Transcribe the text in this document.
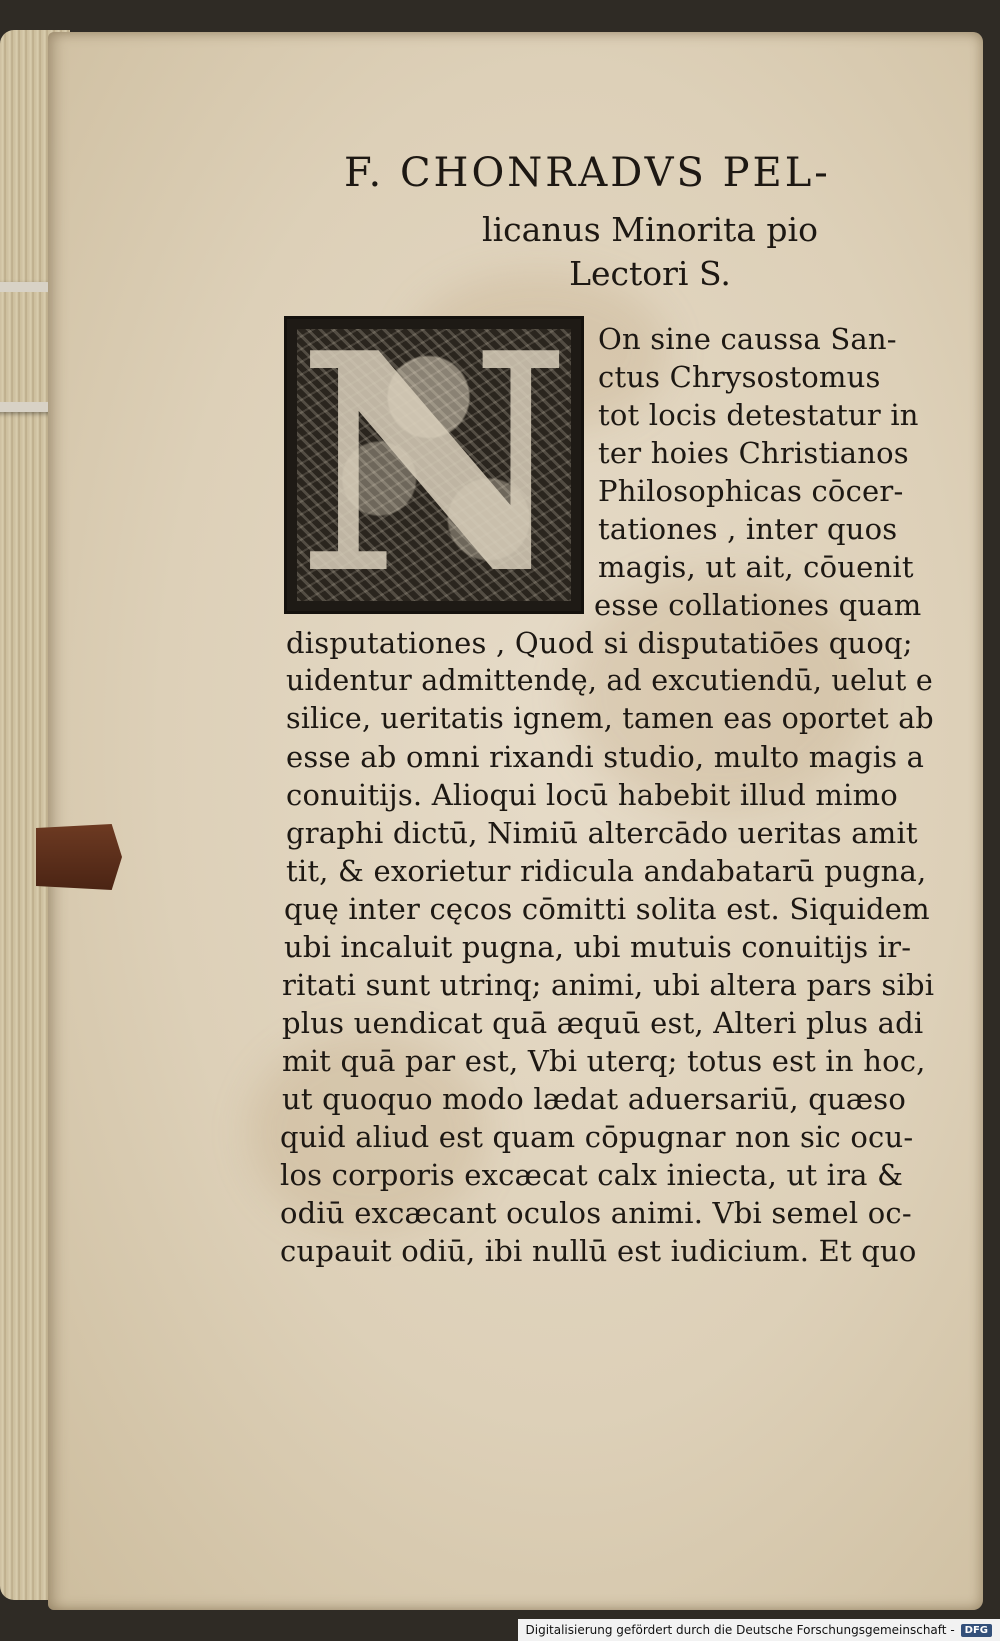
F. CHONRADVS PEL-
licanus Minorita pio
Lectori S.
N On sine caussa San-
ctus Chrysostomus
tot locis detestatur in
ter hoies Christianos
Philosophicas cōcer-
tationes , inter quos
magis, ut ait, cōuenit
esse collationes quam
disputationes , Quod si disputatiōes quoq;
uidentur admittendę, ad excutiendū, uelut e
silice, ueritatis ignem, tamen eas oportet ab
esse ab omni rixandi studio, multo magis a
conuitijs. Alioqui locū habebit illud mimo
graphi dictū, Nimiū altercādo ueritas amit
tit, & exorietur ridicula andabatarū pugna,
quę inter cęcos cōmitti solita est. Siquidem
ubi incaluit pugna, ubi mutuis conuitijs ir-
ritati sunt utrinq; animi, ubi altera pars sibi
plus uendicat quā æquū est, Alteri plus adi
mit quā par est, Vbi uterq; totus est in hoc,
ut quoquo modo lædat aduersariū, quæso
quid aliud est quam cōpugnar non sic ocu-
los corporis excæcat calx iniecta, ut ira &
odiū excæcant oculos animi. Vbi semel oc-
cupauit odiū, ibi nullū est iudicium. Et quo
Digitalisierung gefördert durch die Deutsche Forschungsgemeinschaft -	DFG
